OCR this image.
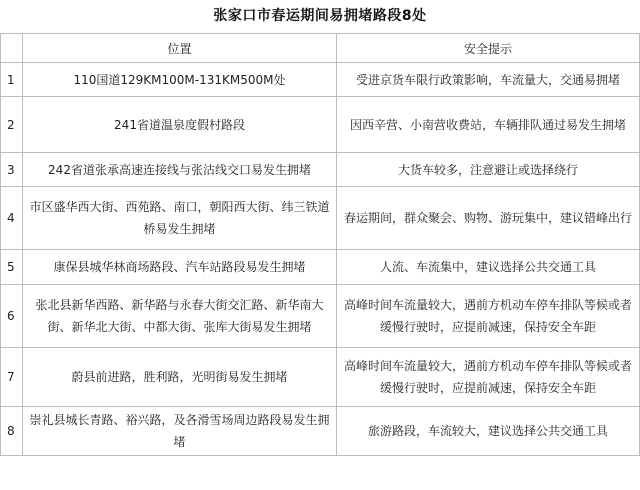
张家口市春运期间易拥堵路段8处
	位置	安全提示
1	110国道129KM100M-131KM500M处	受进京货车限行政策影响，车流量大，交通易拥堵
2	241省道温泉度假村路段	因西辛营、小南营收费站，车辆排队通过易发生拥堵
3	242省道张承高速连接线与张沽线交口易发生拥堵	大货车较多，注意避让或选择绕行
4	市区盛华西大街、西苑路、南口，朝阳西大街、纬三铁道桥易发生拥堵	春运期间，群众聚会、购物、游玩集中，建议错峰出行
5	康保县城华林商场路段、汽车站路段易发生拥堵	人流、车流集中，建议选择公共交通工具
6	张北县新华西路、新华路与永春大街交汇路、新华南大街、新华北大街、中都大街、张库大街易发生拥堵	高峰时间车流量较大，遇前方机动车停车排队等候或者缓慢行驶时，应提前减速，保持安全车距
7	蔚县前进路，胜利路，光明街易发生拥堵	高峰时间车流量较大，遇前方机动车停车排队等候或者缓慢行驶时，应提前减速，保持安全车距
8	崇礼县城长青路、裕兴路，及各滑雪场周边路段易发生拥堵	旅游路段，车流较大，建议选择公共交通工具
